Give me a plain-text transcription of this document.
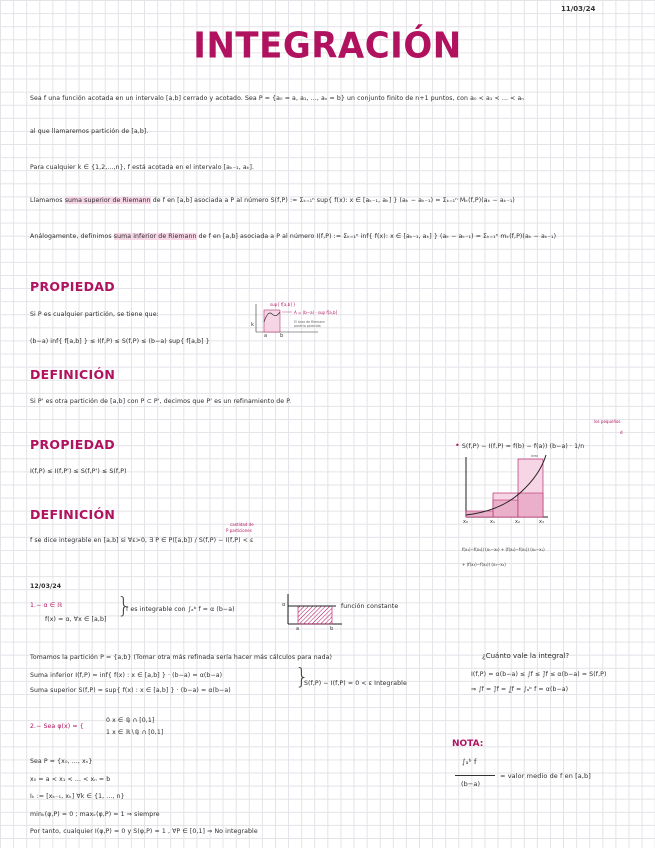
11/03/24
INTEGRACIÓN
Sea f una función acotada en un intervalo [a,b] cerrado y acotado. Sea P = {a₀ = a, a₁, ..., aₙ = b} un conjunto finito de n+1 puntos, con a₀ < a₁ < ... < aₙ
al que llamaremos partición de [a,b].
Para cualquier k ∈ {1,2,...,n}, f está acotada en el intervalo [aₖ₋₁, aₖ].
Llamamos suma superior de Riemann de f en [a,b] asociada a P al número S(f,P) := Σₖ₌₁ⁿ sup{ f(x): x ∈ [aₖ₋₁, aₖ] } (aₖ − aₖ₋₁) = Σₖ₌₁ⁿ Mₖ(f,P)(aₖ − aₖ₋₁)
Análogamente, definimos suma inferior de Riemann de f en [a,b] asociada a P al número I(f,P) := Σₖ₌₁ⁿ inf{ f(x): x ∈ [aₖ₋₁, aₖ] } (aₖ − aₖ₋₁) = Σₖ₌₁ⁿ mₖ(f,P)(aₖ − aₖ₋₁)
PROPIEDAD
Si P es cualquier partición, se tiene que:
(b−a) inf{ f[a,b] } ≤ I(f,P) ≤ S(f,P) ≤ (b−a) sup{ f[a,b] }
sup{ f[a,b] }
A = (b−a) · sup f[a,b]
El área de Riemann
parecía parecida
a	b
k
DEFINICIÓN
Si P' es otra partición de [a,b] con P ⊂ P', decimos que P' es un refinamiento de P.
PROPIEDAD
I(f,P) ≤ I(f,P') ≤ S(f,P') ≤ S(f,P)
los pequeños
d
• S(f,P) − I(f,P) = f(b) − f(a)) (b−a) · 1/n
área
x₀	x₁	x₂	x₃
f(x₁)−f(x₀)) (x₁−x₀) + (f(x₂)−f(x₁)) (x₂−x₁)
+ (f(x₃)−f(x₂)) (x₃−x₂)
DEFINICIÓN
cantidad de
P particiones
f se dice integrable en [a,b] si ∀ε>0, ∃ P ∈ P([a,b]) / S(f,P) − I(f,P) < ε
12/03/24
1.− α ∈ ℝ
f(x) = α, ∀x ∈ [a,b]
}
f es integrable con ∫ₐᵇ f = α (b−a)
α
a	b
función constante
Tomamos la partición P = {a,b} (Tomar otra más refinada sería hacer más cálculos para nada)
Suma inferior I(f,P) = inf{ f(x) : x ∈ [a,b] } · (b−a) = α(b−a)
Suma superior S(f,P) = sup{ f(x) : x ∈ [a,b] } · (b−a) = α(b−a)
}
S(f,P) − I(f,P) = 0 < ε Integrable
¿Cuánto vale la integral?
I(f,P) = α(b−a) ≤ ∫f ≤ ∫̄f ≤ α(b−a) = S(f,P)
⇒ ∫f = ∫̄f = ∫̲f = ∫ₐᵇ f = α(b−a)
2.− Sea φ(x) = {
0 x ∈ ℚ ∩ [0,1]
1 x ∈ ℝ∖ℚ ∩ [0,1]
Sea P = {x₀, ..., xₙ}
x₀ = a < x₁ < ... < xₙ = b
Iₖ := [xₖ₋₁, xₖ] ∀k ∈ {1, ..., n}
minₖ(φ,P) = 0 ; maxₖ(φ,P) = 1 ⇒ siempre
Por tanto, cualquier I(φ,P) = 0 y S(φ,P) = 1 , ∀P ∈ [0,1] ⇒ No integrable
NOTA:
∫ₐᵇ f
(b−a)
= valor medio de f en [a,b]
